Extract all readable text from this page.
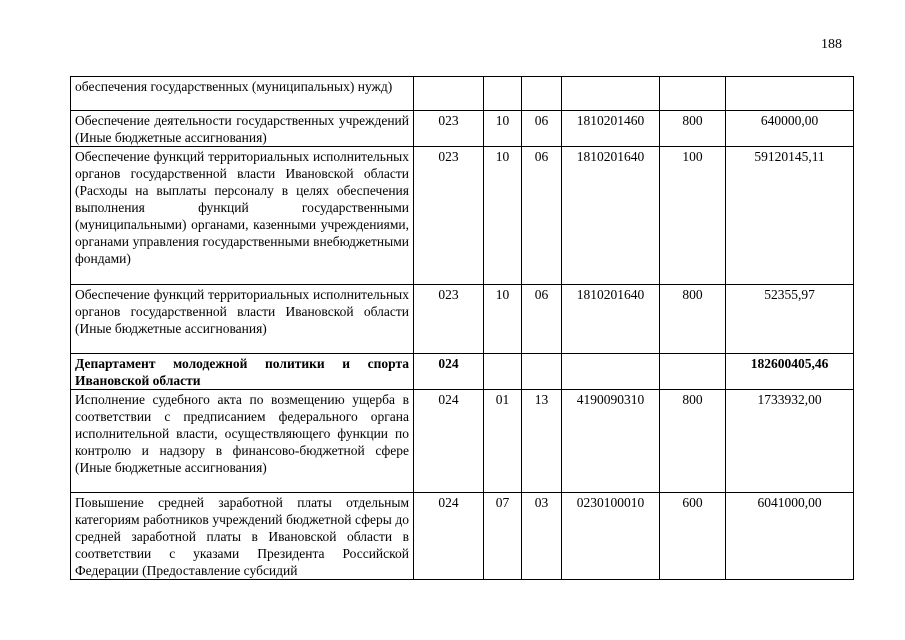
188
обеспечения государственных (муниципальных) нужд)						
Обеспечение деятельности государственных учреждений (Иные бюджетные ассигнования)	023	10	06	1810201460	800	640000,00
Обеспечение функций территориальных исполнительных органов государственной власти Ивановской области (Расходы на выплаты персоналу в целях обеспечения выполнения функций государственными (муниципальными) органами, казенными учреждениями, органами управления государственными внебюджетными фондами)	023	10	06	1810201640	100	59120145,11
Обеспечение функций территориальных исполнительных органов государственной власти Ивановской области (Иные бюджетные ассигнования)	023	10	06	1810201640	800	52355,97
Департамент молодежной политики и спорта Ивановской области	024					182600405,46
Исполнение судебного акта по возмещению ущерба в соответствии с предписанием федерального органа исполнительной власти, осуществляющего функции по контролю и надзору в финансово-бюджетной сфере (Иные бюджетные ассигнования)	024	01	13	4190090310	800	1733932,00
Повышение средней заработной платы отдельным категориям работников учреждений бюджетной сферы до средней заработной платы в Ивановской области в соответствии с указами Президента Российской Федерации (Предоставление субсидий	024	07	03	0230100010	600	6041000,00
